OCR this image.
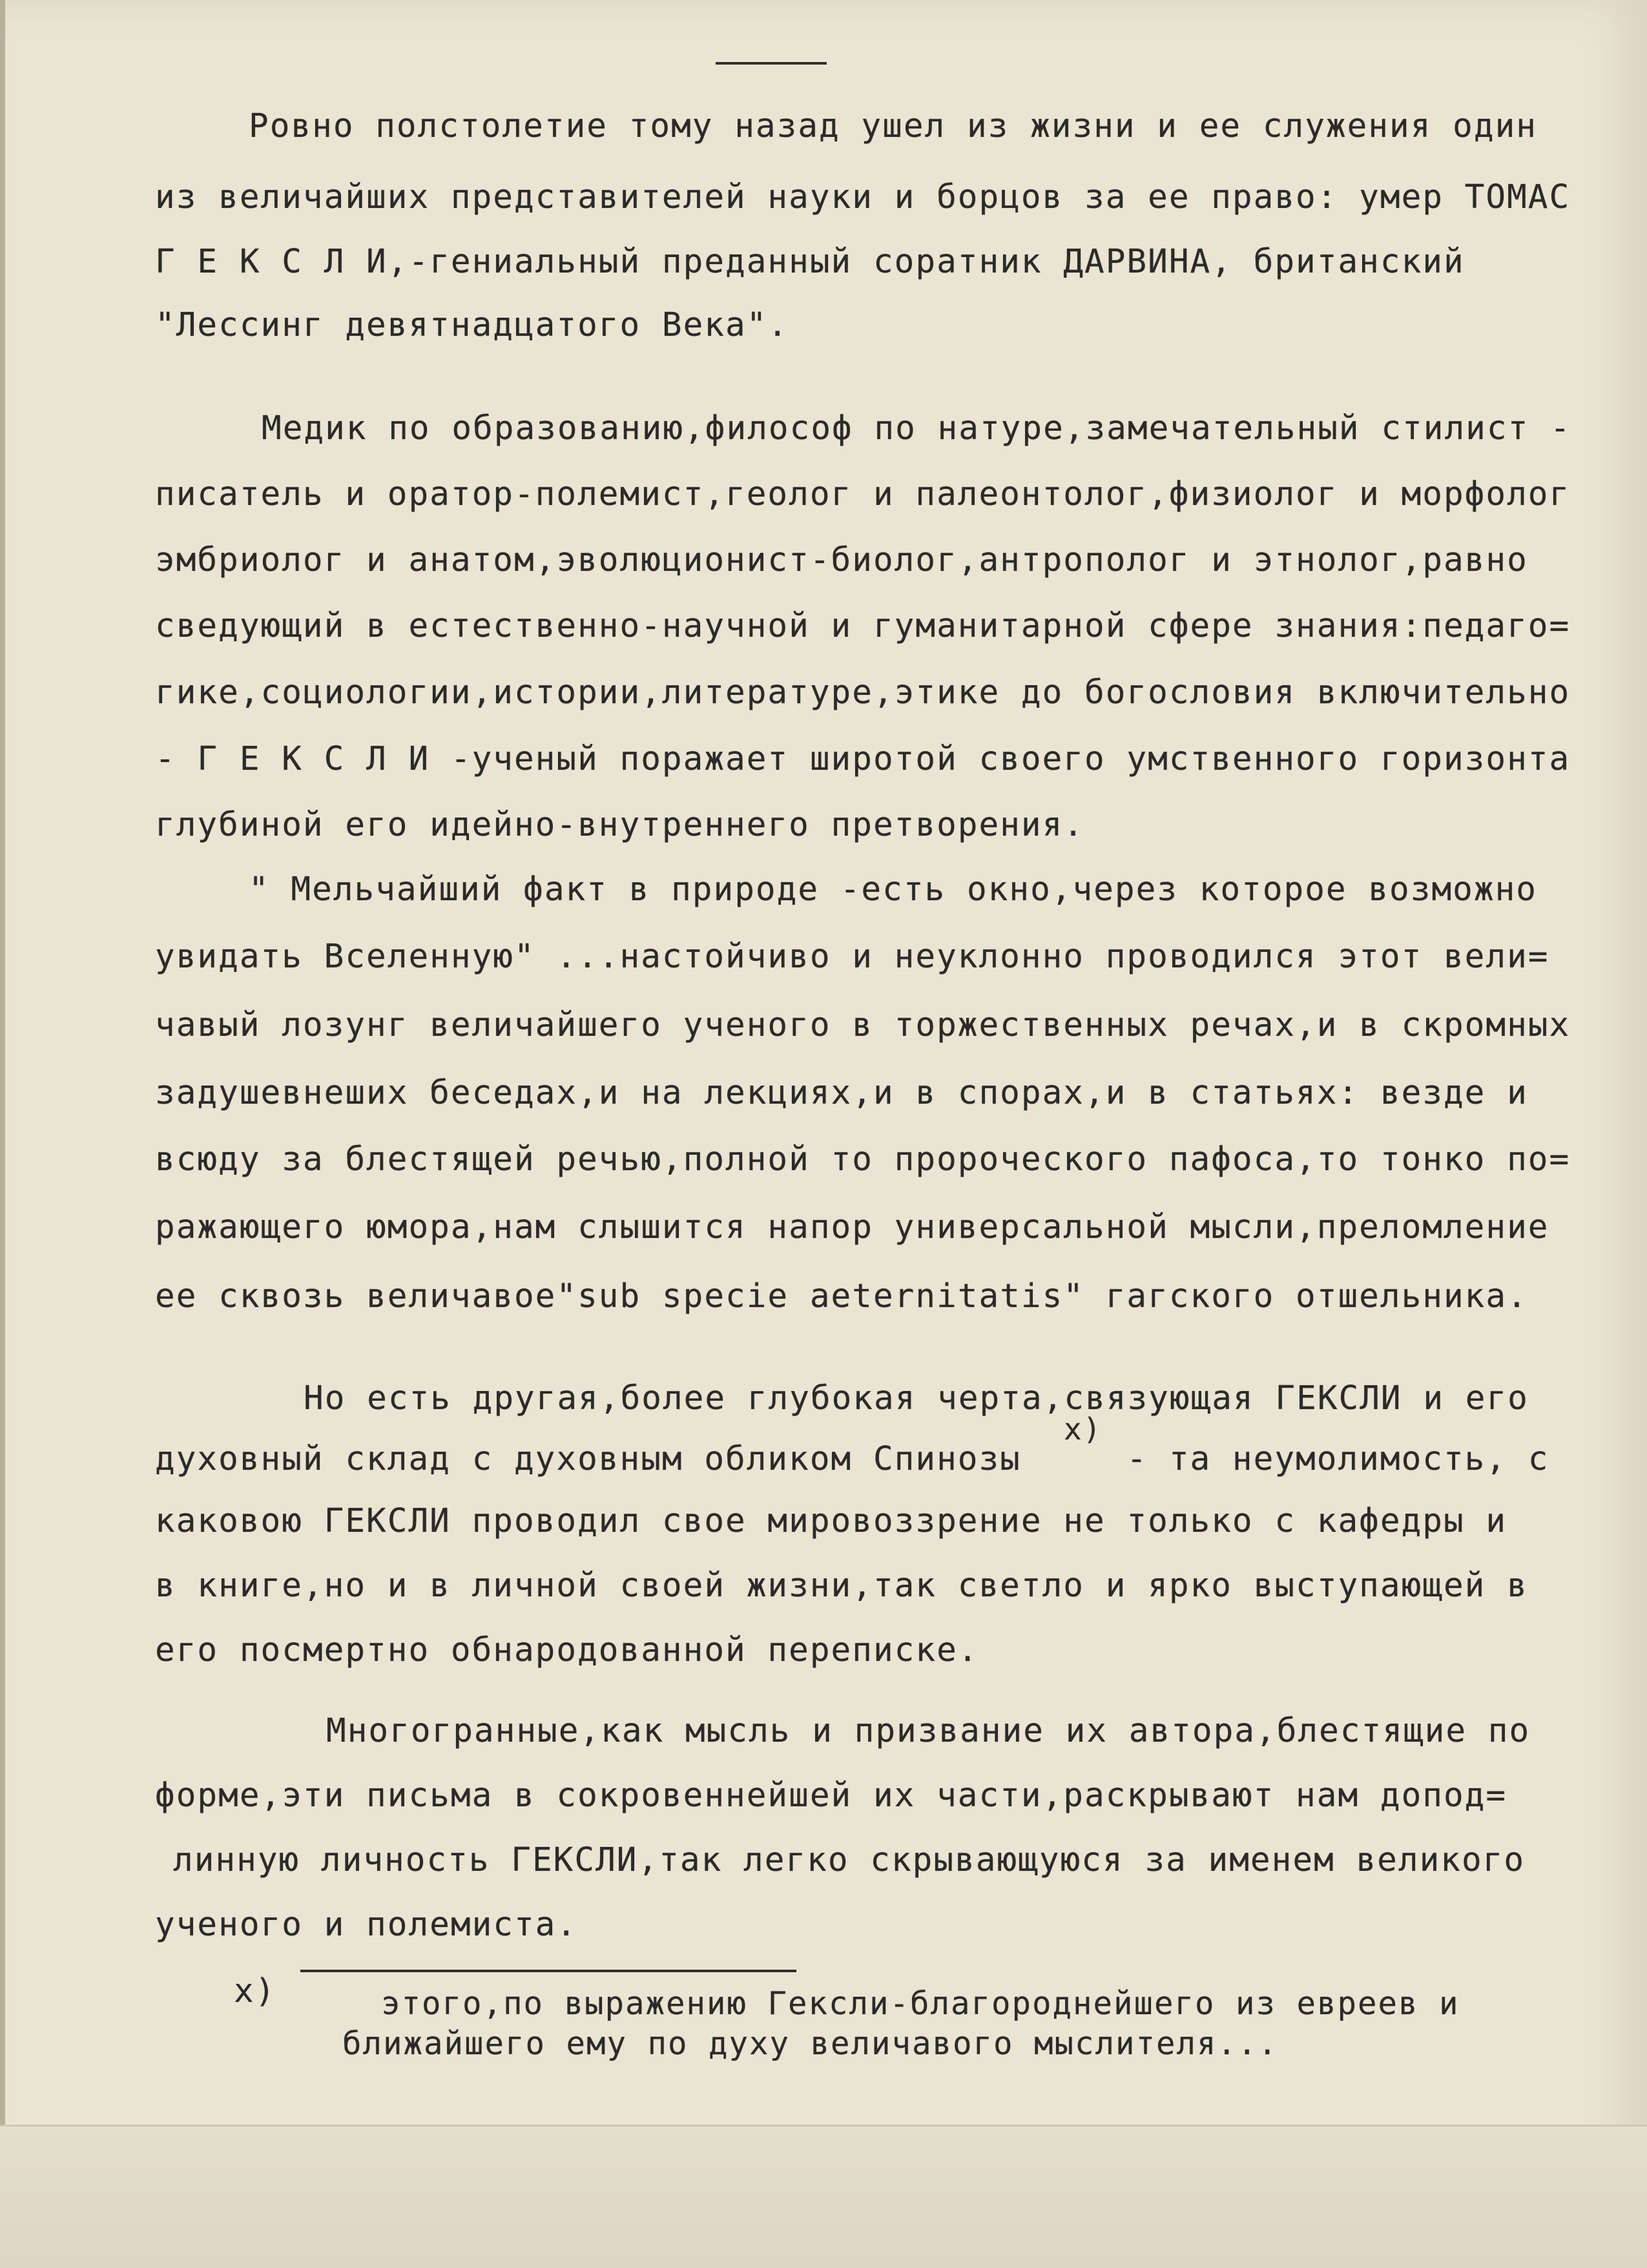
Ровно полстолетие тому назад ушел из жизни и ее служения один
из величайших представителей науки и борцов за ее право: умер ТОМАС
Г Е К С Л И,-гениальный преданный соратник ДАРВИНА, британский
"Лессинг девятнадцатого Века".
Медик по образованию,философ по натуре,замечательный стилист -
писатель и оратор-полемист,геолог и палеонтолог,физиолог и морфолог
эмбриолог и анатом,эволюционист-биолог,антрополог и этнолог,равно
сведующий в естественно-научной и гуманитарной сфере знания:педаго=
гике,социологии,истории,литературе,этике до богословия включительно
- Г Е К С Л И -ученый поражает широтой своего умственного горизонта
глубиной его идейно-внутреннего претворения.
" Мельчайший факт в природе -есть окно,через которое возможно
увидать Вселенную" ...настойчиво и неуклонно проводился этот вели=
чавый лозунг величайшего ученого в торжественных речах,и в скромных
задушевнеших беседах,и на лекциях,и в спорах,и в статьях: везде и
всюду за блестящей речью,полной то пророческого пафоса,то тонко по=
ражающего юмора,нам слышится напор универсальной мысли,преломление
ее сквозь величавое"sub specie aeternitatis" гагского отшельника.
Но есть другая,более глубокая черта,связующая ГЕКСЛИ и его
х)
духовный склад с духовным обликом Спинозы     - та неумолимость, с
каковою ГЕКСЛИ проводил свое мировоззрение не только с кафедры и
в книге,но и в личной своей жизни,так светло и ярко выступающей в
его посмертно обнародованной переписке.
Многогранные,как мысль и призвание их автора,блестящие по
форме,эти письма в сокровеннейшей их части,раскрывают нам допод=
линную личность ГЕКСЛИ,так легко скрывающуюся за именем великого
ученого и полемиста.
х)	этого,по выражению Гексли-благороднейшего из евреев и
ближайшего ему по духу величавого мыслителя...
